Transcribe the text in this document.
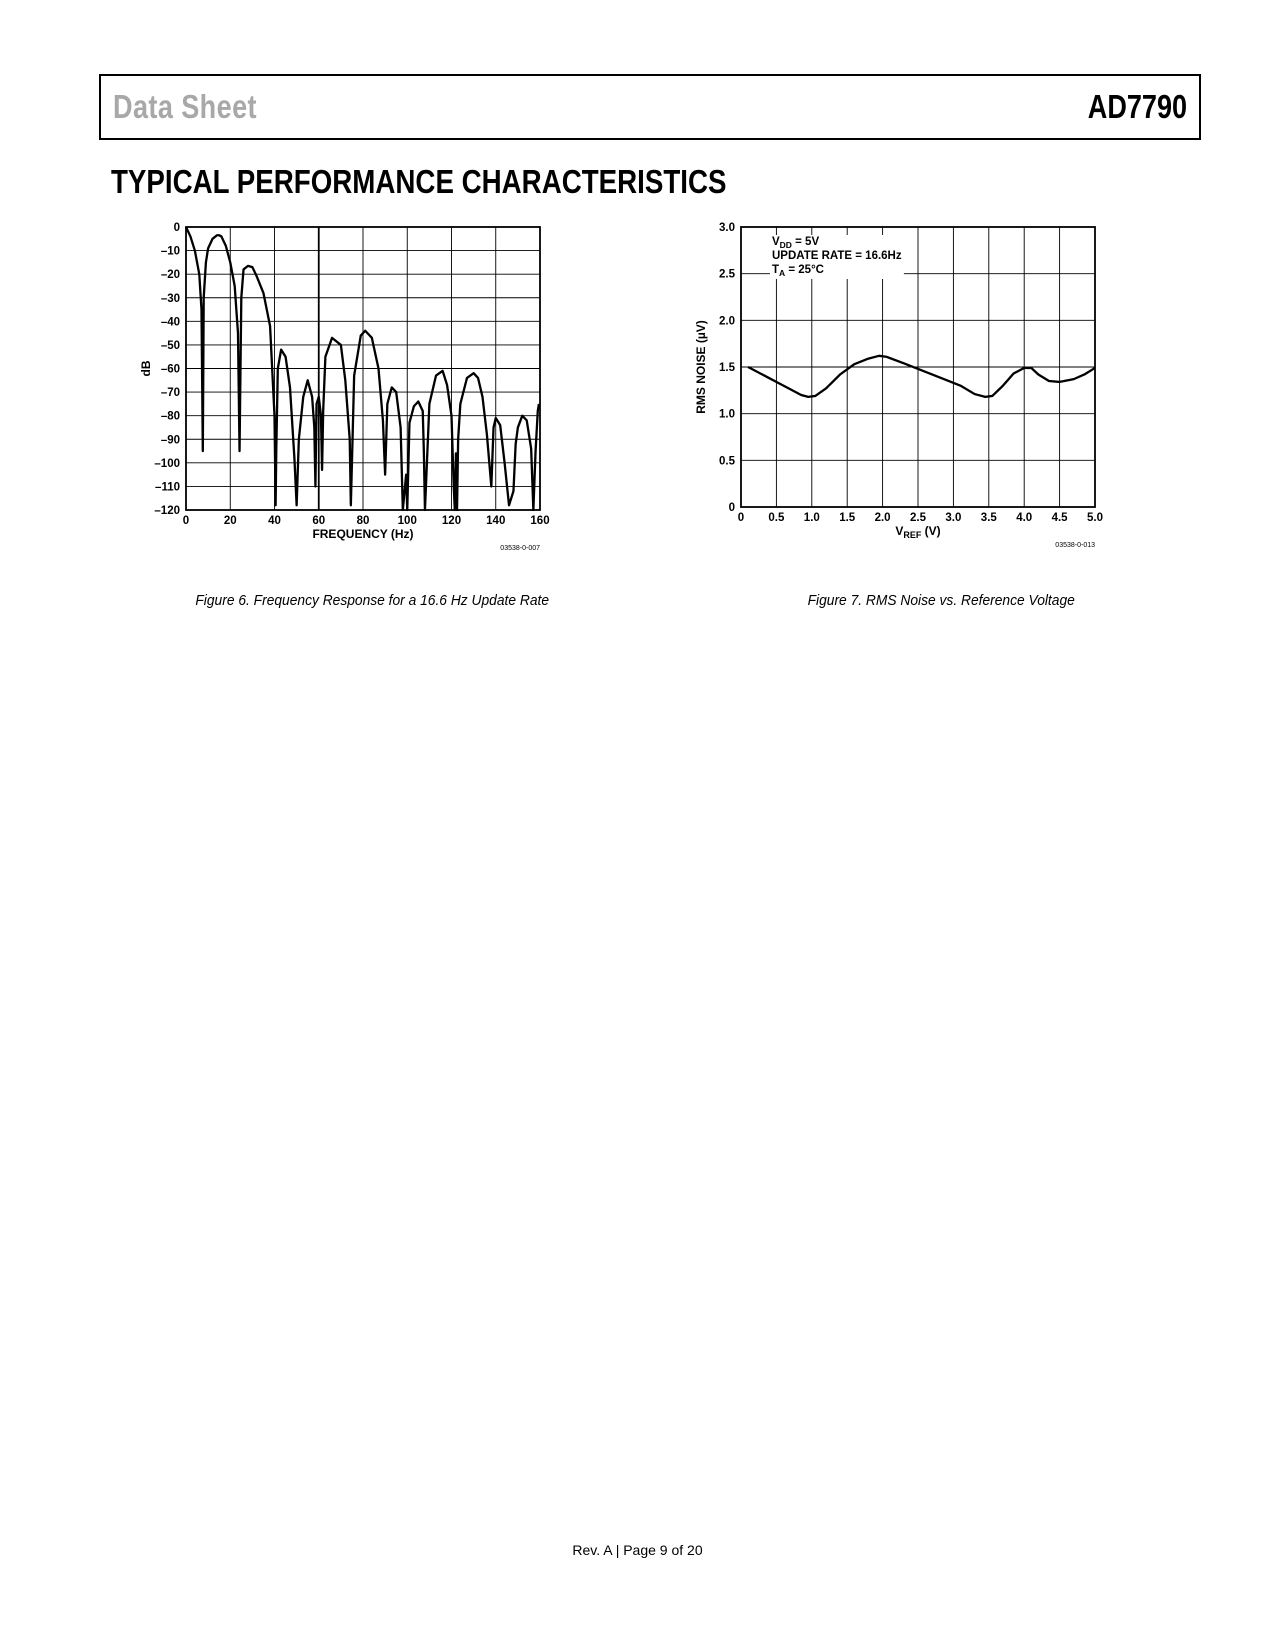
Data Sheet	AD7790
TYPICAL PERFORMANCE CHARACTERISTICS
0
–10
–20
–30
–40
–50
–60
–70
–80
–90
–100
–110
–120
0	20	40	60	80 100 120 140 160
FREQUENCY (Hz)
dB
03538-0-007
Figure 6. Frequency Response for a 16.6 Hz Update Rate
0
0.5
1.0
1.5
2.0
2.5
3.0
0 0.5 1.0 1.5 2.0 2.5 3.0 3.5 4.0 4.5 5.0
$V_{DD} = 5V$
UPDATE RATE = 16.6Hz
$T_A = 25^\circ C$
$V_{REF}$ (V)
RMS NOISE (µV)
03538-0-013
Figure 7. RMS Noise vs. Reference Voltage
Rev. A | Page 9 of 20
